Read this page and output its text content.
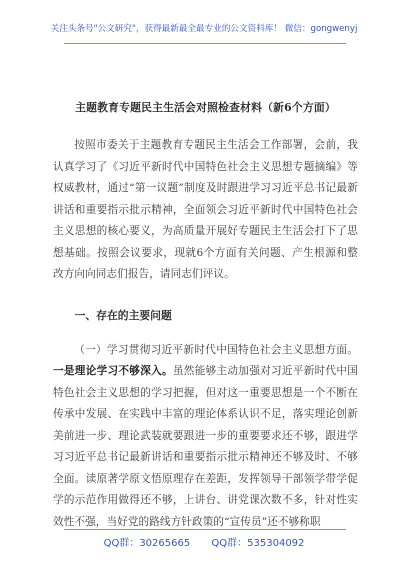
关注头条号"公文研究"，获得最新最全最专业的公文资料库！ 微信：gongwenyj
主题教育专题民主生活会对照检查材料（新6个方面）

按照市委关于主题教育专题民主生活会工作部署，会前，我认真学习了《习近平新时代中国特色社会主义思想专题摘编》等权威教材，通过“第一议题”制度及时跟进学习习近平总书记最新讲话和重要指示批示精神，全面领会习近平新时代中国特色社会主义思想的核心要义，为高质量开展好专题民主生活会打下了思想基础。按照会议要求，现就6个方面有关问题、产生根源和整改方向向同志们报告，请同志们评议。

一、存在的主要问题

（一）学习贯彻习近平新时代中国特色社会主义思想方面。一是理论学习不够深入。虽然能够主动加强对习近平新时代中国特色社会主义思想的学习把握，但对这一重要思想是一个不断在传承中发展、在实践中丰富的理论体系认识不足，落实理论创新美前进一步、理论武装就要跟进一步的重要要求还不够，跟进学习习近平总书记最新讲话和重要指示批示精神还不够及时、不够全面。读原著学原文悟原理存在差距，发挥领导干部领学带学促学的示范作用做得还不够，上讲台、讲党课次数不多，针对性实效性不强，当好党的路线方针政策的“宣传员”还不够称职

QQ群：30265665 QQ群：535304092
